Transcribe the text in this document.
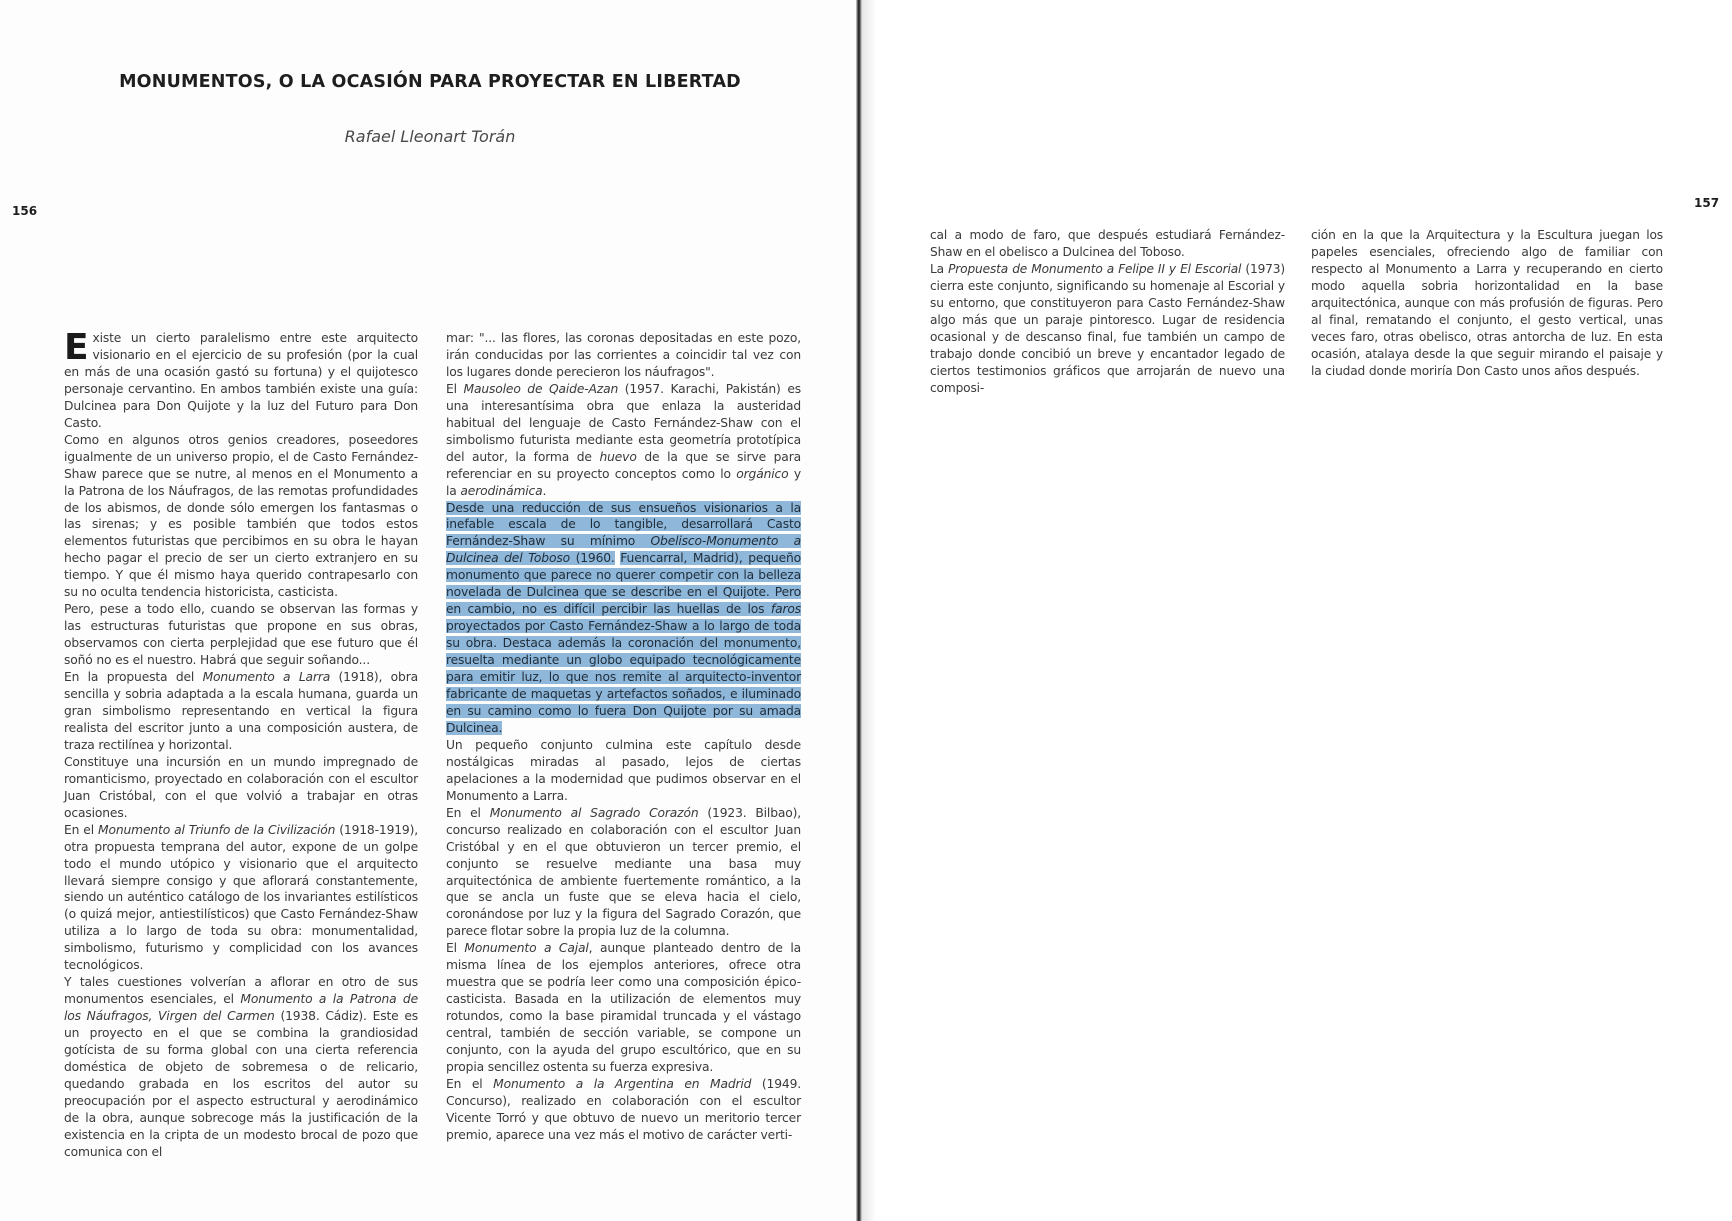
MONUMENTOS, O LA OCASIÓN PARA PROYECTAR EN LIBERTAD
Rafael Lleonart Torán
156

Existe un cierto paralelismo entre este arquitecto visionario en el ejercicio de su profesión (por la cual en más de una ocasión gastó su fortuna) y el quijotesco personaje cervantino. En ambos también existe una guía: Dulcinea para Don Quijote y la luz del Futuro para Don Casto.

Como en algunos otros genios creadores, poseedores igualmente de un universo propio, el de Casto Fernández-Shaw parece que se nutre, al menos en el Monumento a la Patrona de los Náufragos, de las remotas profundidades de los abismos, de donde sólo emergen los fantasmas o las sirenas; y es posible también que todos estos elementos futuristas que percibimos en su obra le hayan hecho pagar el precio de ser un cierto extranjero en su tiempo. Y que él mismo haya querido contrapesarlo con su no oculta tendencia historicista, casticista.

Pero, pese a todo ello, cuando se observan las formas y las estructuras futuristas que propone en sus obras, observamos con cierta perplejidad que ese futuro que él soñó no es el nuestro. Habrá que seguir soñando...

En la propuesta del Monumento a Larra (1918), obra sencilla y sobria adaptada a la escala humana, guarda un gran simbolismo representando en vertical la figura realista del escritor junto a una composición austera, de traza rectilínea y horizontal.

Constituye una incursión en un mundo impregnado de romanticismo, proyectado en colaboración con el escultor Juan Cristóbal, con el que volvió a trabajar en otras ocasiones.

En el Monumento al Triunfo de la Civilización (1918-1919), otra propuesta temprana del autor, expone de un golpe todo el mundo utópico y visionario que el arquitecto llevará siempre consigo y que aflorará constantemente, siendo un auténtico catálogo de los invariantes estilísticos (o quizá mejor, antiestilísticos) que Casto Fernández-Shaw utiliza a lo largo de toda su obra: monumentalidad, simbolismo, futurismo y complicidad con los avances tecnológicos.

Y tales cuestiones volverían a aflorar en otro de sus monumentos esenciales, el Monumento a la Patrona de los Náufragos, Virgen del Carmen (1938. Cádiz). Este es un proyecto en el que se combina la grandiosidad gotícista de su forma global con una cierta referencia doméstica de objeto de sobremesa o de relicario, quedando grabada en los escritos del autor su preocupación por el aspecto estructural y aerodinámico de la obra, aunque sobrecoge más la justificación de la existencia en la cripta de un modesto brocal de pozo que comunica con el

mar: "... las flores, las coronas depositadas en este pozo, irán conducidas por las corrientes a coincidir tal vez con los lugares donde perecieron los náufragos".

El Mausoleo de Qaide-Azan (1957. Karachi, Pakistán) es una interesantísima obra que enlaza la austeridad habitual del lenguaje de Casto Fernández-Shaw con el simbolismo futurista mediante esta geometría prototípica del autor, la forma de huevo de la que se sirve para referenciar en su proyecto conceptos como lo orgánico y la aerodinámica.

Desde una reducción de sus ensueños visionarios a la inefable escala de lo tangible, desarrollará Casto Fernández-Shaw su mínimo Obelisco-Monumento a Dulcinea del Toboso (1960. Fuencarral, Madrid), pequeño monumento que parece no querer competir con la belleza novelada de Dulcinea que se describe en el Quijote. Pero en cambio, no es difícil percibir las huellas de los faros proyectados por Casto Fernández-Shaw a lo largo de toda su obra. Destaca además la coronación del monumento, resuelta mediante un globo equipado tecnológicamente para emitir luz, lo que nos remite al arquitecto-inventor fabricante de maquetas y artefactos soñados, e iluminado en su camino como lo fuera Don Quijote por su amada Dulcinea.

Un pequeño conjunto culmina este capítulo desde nostálgicas miradas al pasado, lejos de ciertas apelaciones a la modernidad que pudimos observar en el Monumento a Larra.

En el Monumento al Sagrado Corazón (1923. Bilbao), concurso realizado en colaboración con el escultor Juan Cristóbal y en el que obtuvieron un tercer premio, el conjunto se resuelve mediante una basa muy arquitectónica de ambiente fuertemente romántico, a la que se ancla un fuste que se eleva hacia el cielo, coronándose por luz y la figura del Sagrado Corazón, que parece flotar sobre la propia luz de la columna.

El Monumento a Cajal, aunque planteado dentro de la misma línea de los ejemplos anteriores, ofrece otra muestra que se podría leer como una composición épico-casticista. Basada en la utilización de elementos muy rotundos, como la base piramidal truncada y el vástago central, también de sección variable, se compone un conjunto, con la ayuda del grupo escultórico, que en su propia sencillez ostenta su fuerza expresiva.

En el Monumento a la Argentina en Madrid (1949. Concurso), realizado en colaboración con el escultor Vicente Torró y que obtuvo de nuevo un meritorio tercer premio, aparece una vez más el motivo de carácter verti-

157

cal a modo de faro, que después estudiará Fernández-Shaw en el obelisco a Dulcinea del Toboso.

La Propuesta de Monumento a Felipe II y El Escorial (1973) cierra este conjunto, significando su homenaje al Escorial y su entorno, que constituyeron para Casto Fernández-Shaw algo más que un paraje pintoresco. Lugar de residencia ocasional y de descanso final, fue también un campo de trabajo donde concibió un breve y encantador legado de ciertos testimonios gráficos que arrojarán de nuevo una composi-

ción en la que la Arquitectura y la Escultura juegan los papeles esenciales, ofreciendo algo de familiar con respecto al Monumento a Larra y recuperando en cierto modo aquella sobria horizontalidad en la base arquitectónica, aunque con más profusión de figuras. Pero al final, rematando el conjunto, el gesto vertical, unas veces faro, otras obelisco, otras antorcha de luz. En esta ocasión, atalaya desde la que seguir mirando el paisaje y la ciudad donde moriría Don Casto unos años después.
